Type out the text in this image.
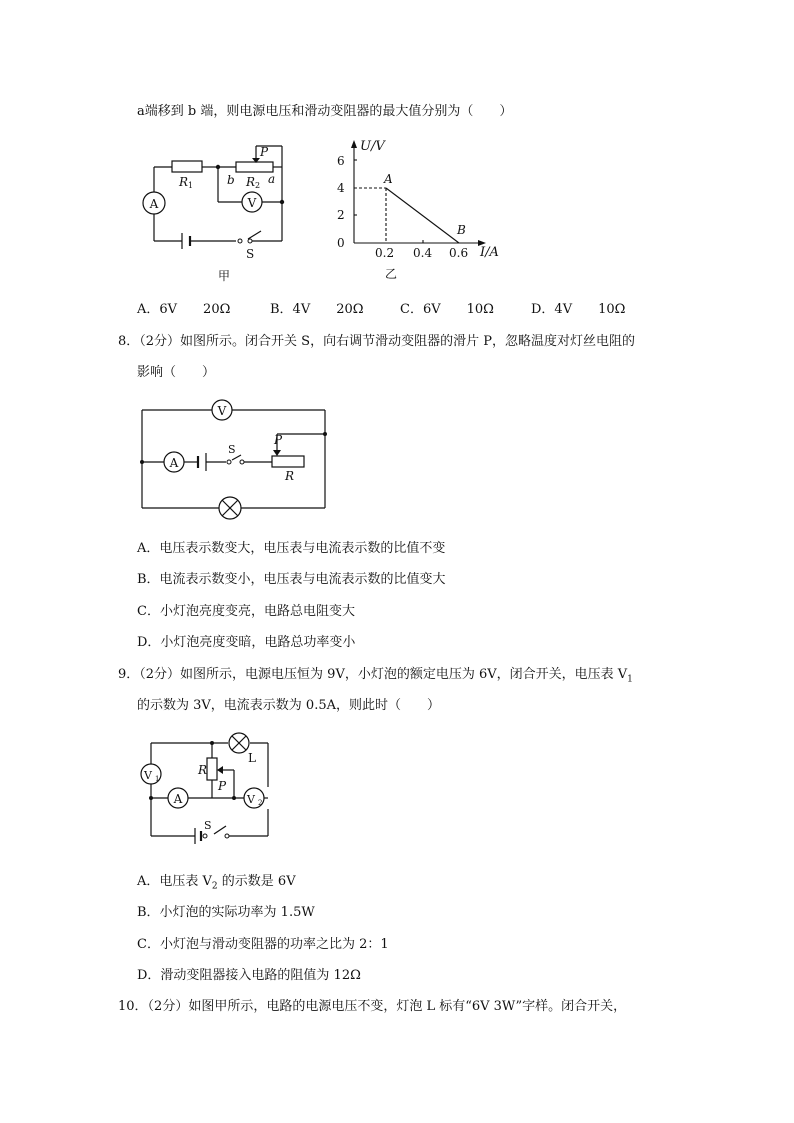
a端移到 b 端，则电源电压和滑动变阻器的最大值分别为（　　）
A	V
R 1	b R 2 a
P
S
甲
U/V
I/A
6
4
2
0
0.2 0.4 0.6
A
B
乙
A．6V　　20Ω	B．4V　　20Ω	C．6V　　10Ω	D．4V　　10Ω
8．（2分）如图所示。闭合开关 S，向右调节滑动变阻器的滑片 P，忽略温度对灯丝电阻的
影响（　　）
V
A
S
P
R
A．电压表示数变大，电压表与电流表示数的比值不变
B．电流表示数变小，电压表与电流表示数的比值变大
C．小灯泡亮度变亮，电路总电阻变大
D．小灯泡亮度变暗，电路总功率变小
9．（2分）如图所示，电源电压恒为 9V，小灯泡的额定电压为 6V，闭合开关，电压表 $V_1$
的示数为 3V，电流表示数为 0.5A，则此时（　　）
V 1
A	V 2
R
P
L
S
A．电压表 $V_2$ 的示数是 6V
B．小灯泡的实际功率为 1.5W
C．小灯泡与滑动变阻器的功率之比为 2：1
D．滑动变阻器接入电路的阻值为 12Ω
10．（2分）如图甲所示，电路的电源电压不变，灯泡 L 标有“6V 3W”字样。闭合开关，
